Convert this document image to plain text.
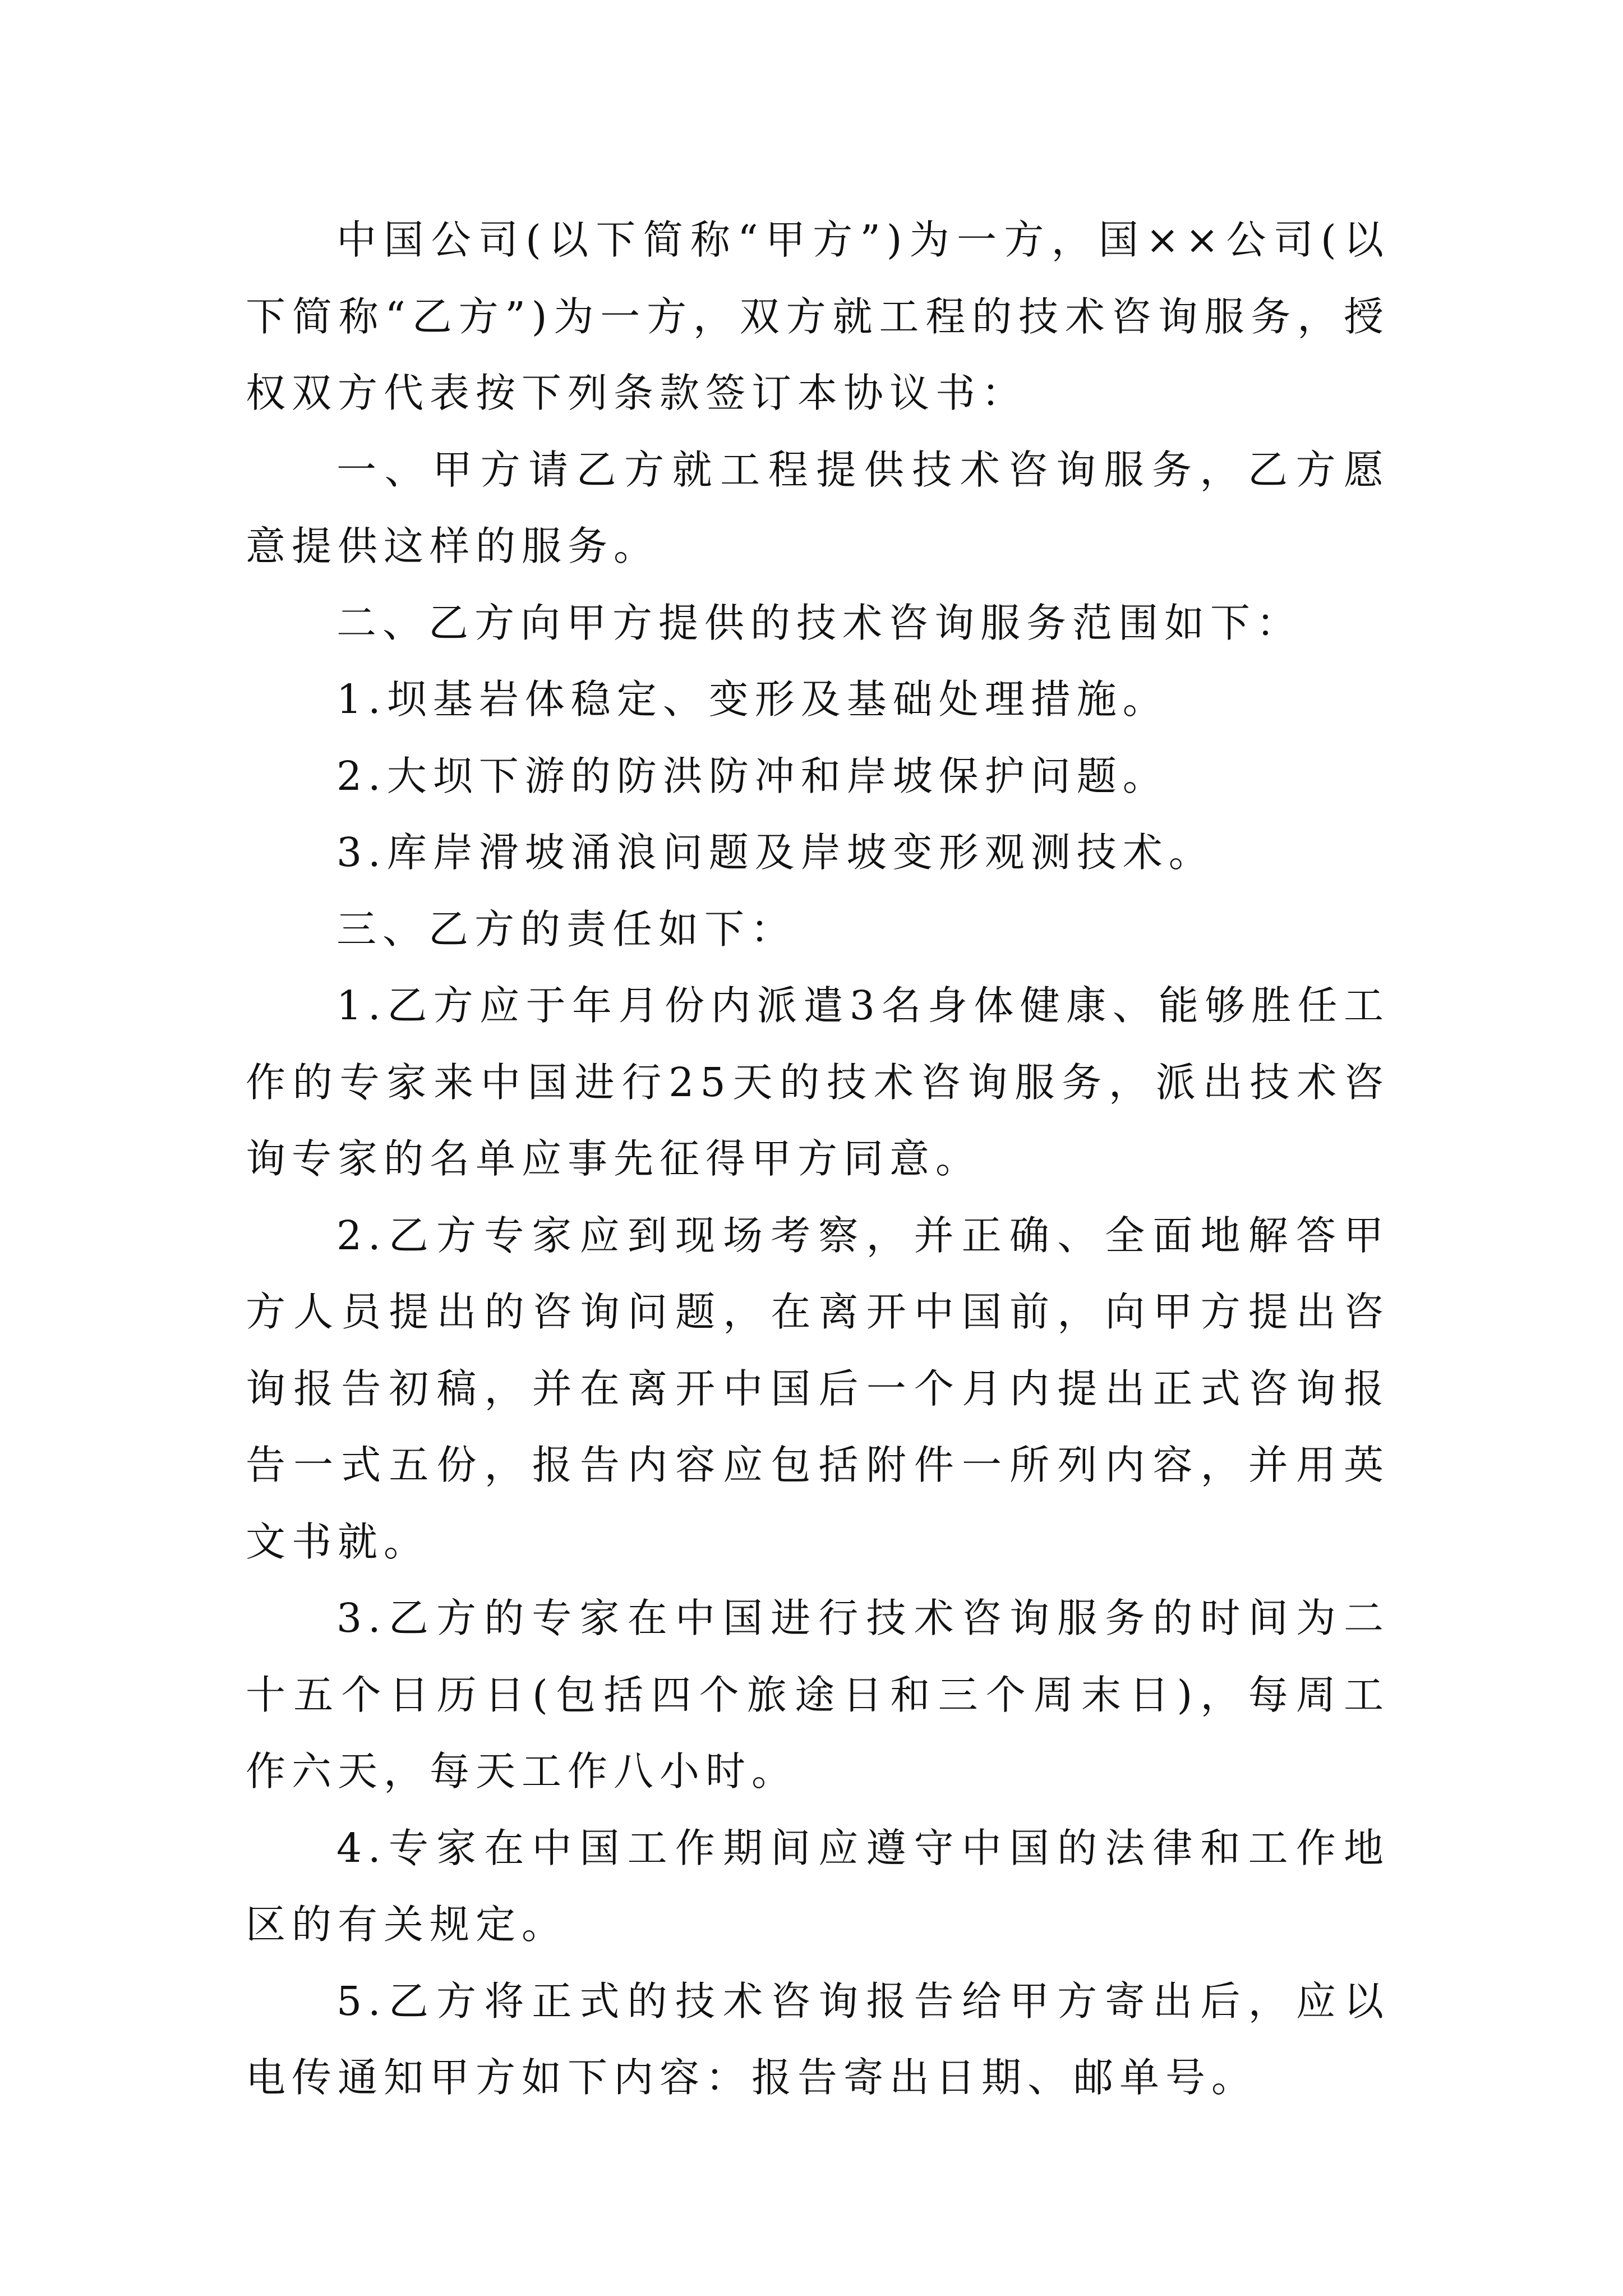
中国公司(以下简称“甲方”)为一方，国××公司(以下简称“乙方”)为一方，双方就工程的技术咨询服务，授权双方代表按下列条款签订本协议书：

一、甲方请乙方就工程提供技术咨询服务，乙方愿意提供这样的服务。

二、乙方向甲方提供的技术咨询服务范围如下：

1.坝基岩体稳定、变形及基础处理措施。

2.大坝下游的防洪防冲和岸坡保护问题。

3.库岸滑坡涌浪问题及岸坡变形观测技术。

三、乙方的责任如下：

1.乙方应于年月份内派遣3名身体健康、能够胜任工作的专家来中国进行25天的技术咨询服务，派出技术咨询专家的名单应事先征得甲方同意。

2.乙方专家应到现场考察，并正确、全面地解答甲方人员提出的咨询问题，在离开中国前，向甲方提出咨询报告初稿，并在离开中国后一个月内提出正式咨询报告一式五份，报告内容应包括附件一所列内容，并用英文书就。

3.乙方的专家在中国进行技术咨询服务的时间为二十五个日历日(包括四个旅途日和三个周末日)，每周工作六天，每天工作八小时。

4.专家在中国工作期间应遵守中国的法律和工作地区的有关规定。

5.乙方将正式的技术咨询报告给甲方寄出后，应以电传通知甲方如下内容：报告寄出日期、邮单号。
